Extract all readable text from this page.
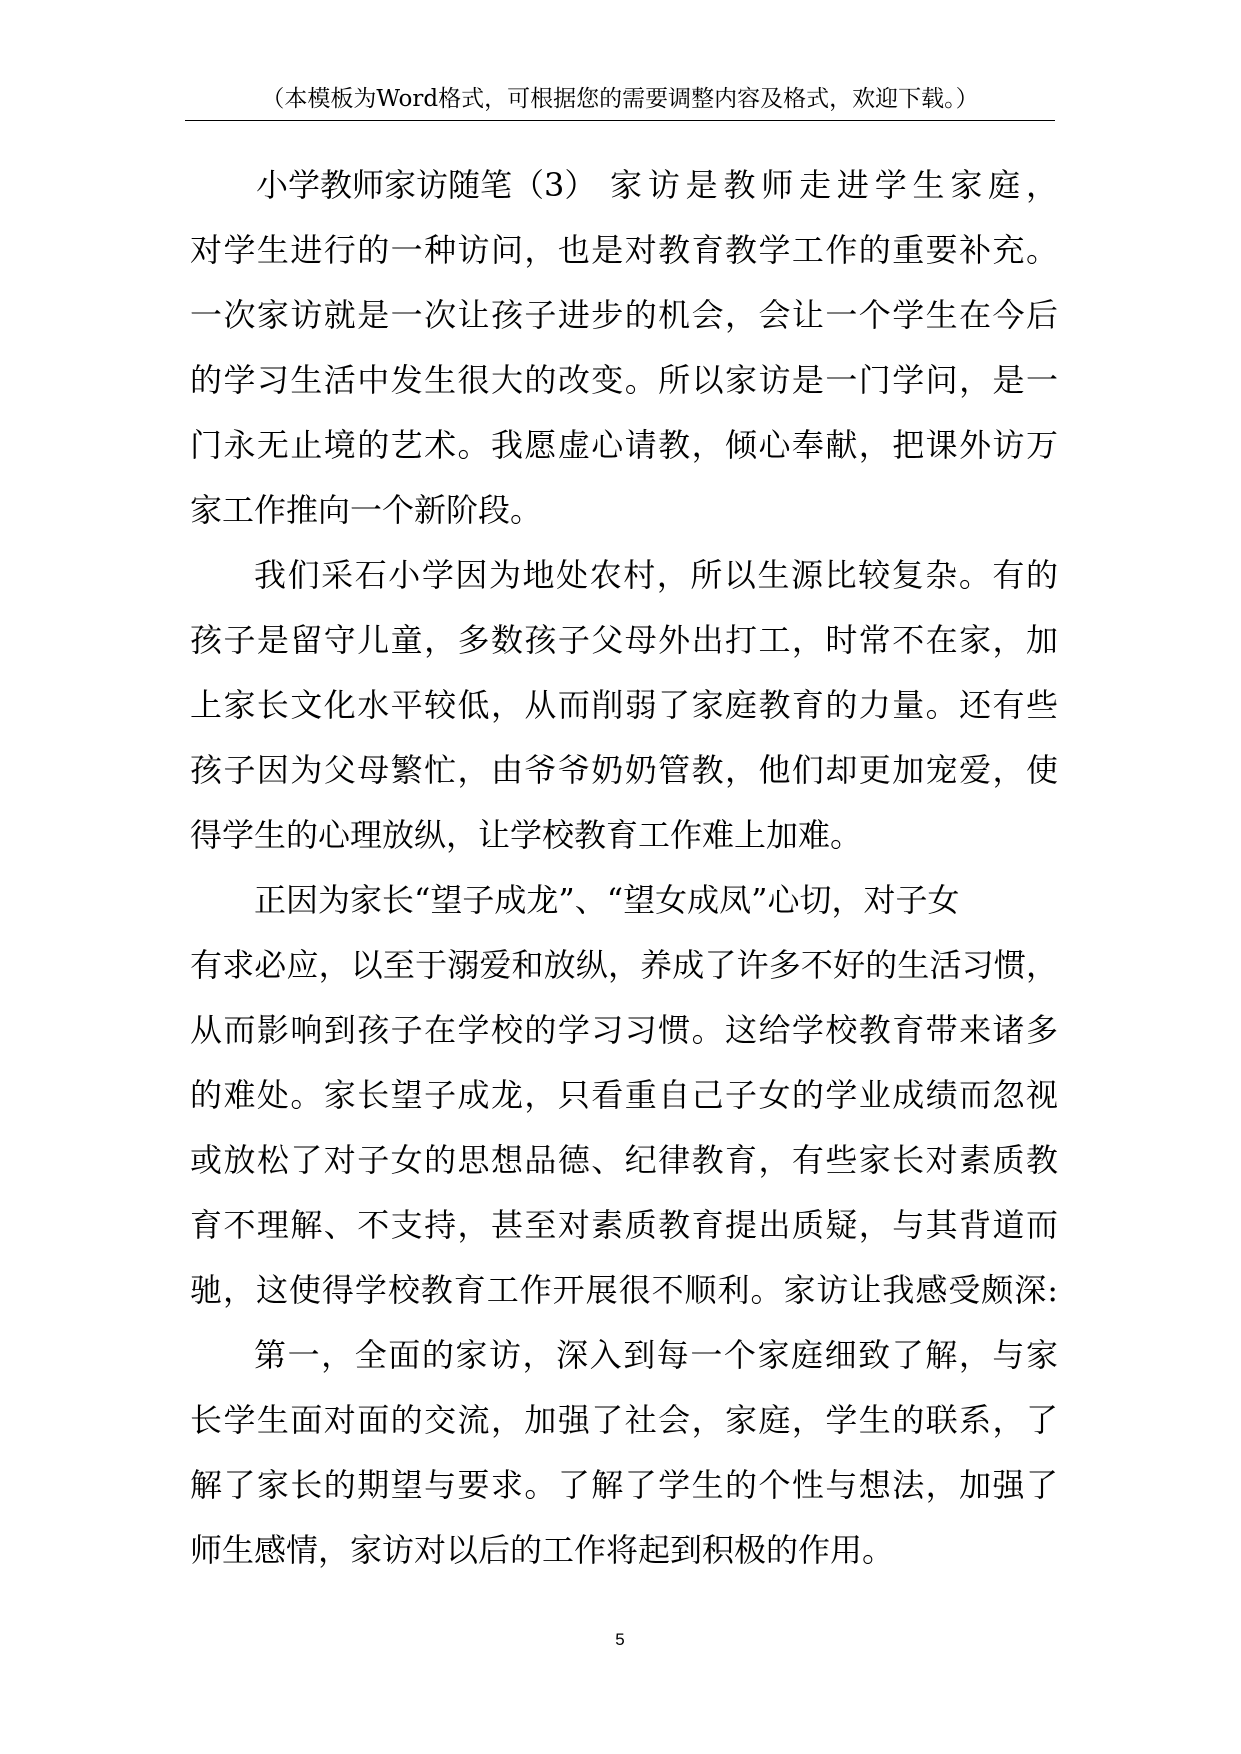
（本模板为Word格式，可根据您的需要调整内容及格式，欢迎下载。）
小学教师家访随笔（3） 家访是教师走进学生家庭，
对学生进行的一种访问，也是对教育教学工作的重要补充。
一次家访就是一次让孩子进步的机会，会让一个学生在今后
的学习生活中发生很大的改变。所以家访是一门学问，是一
门永无止境的艺术。我愿虚心请教，倾心奉献，把课外访万
家工作推向一个新阶段。
我们采石小学因为地处农村，所以生源比较复杂。有的
孩子是留守儿童，多数孩子父母外出打工，时常不在家，加
上家长文化水平较低，从而削弱了家庭教育的力量。还有些
孩子因为父母繁忙，由爷爷奶奶管教，他们却更加宠爱，使
得学生的心理放纵，让学校教育工作难上加难。
正因为家长“望子成龙”、“望女成凤”心切，对子女
有求必应，以至于溺爱和放纵，养成了许多不好的生活习惯，
从而影响到孩子在学校的学习习惯。这给学校教育带来诸多
的难处。家长望子成龙，只看重自己子女的学业成绩而忽视
或放松了对子女的思想品德、纪律教育，有些家长对素质教
育不理解、不支持，甚至对素质教育提出质疑，与其背道而
驰，这使得学校教育工作开展很不顺利。家访让我感受颇深:
第一，全面的家访，深入到每一个家庭细致了解，与家
长学生面对面的交流，加强了社会，家庭，学生的联系，了
解了家长的期望与要求。了解了学生的个性与想法，加强了
师生感情，家访对以后的工作将起到积极的作用。
5
